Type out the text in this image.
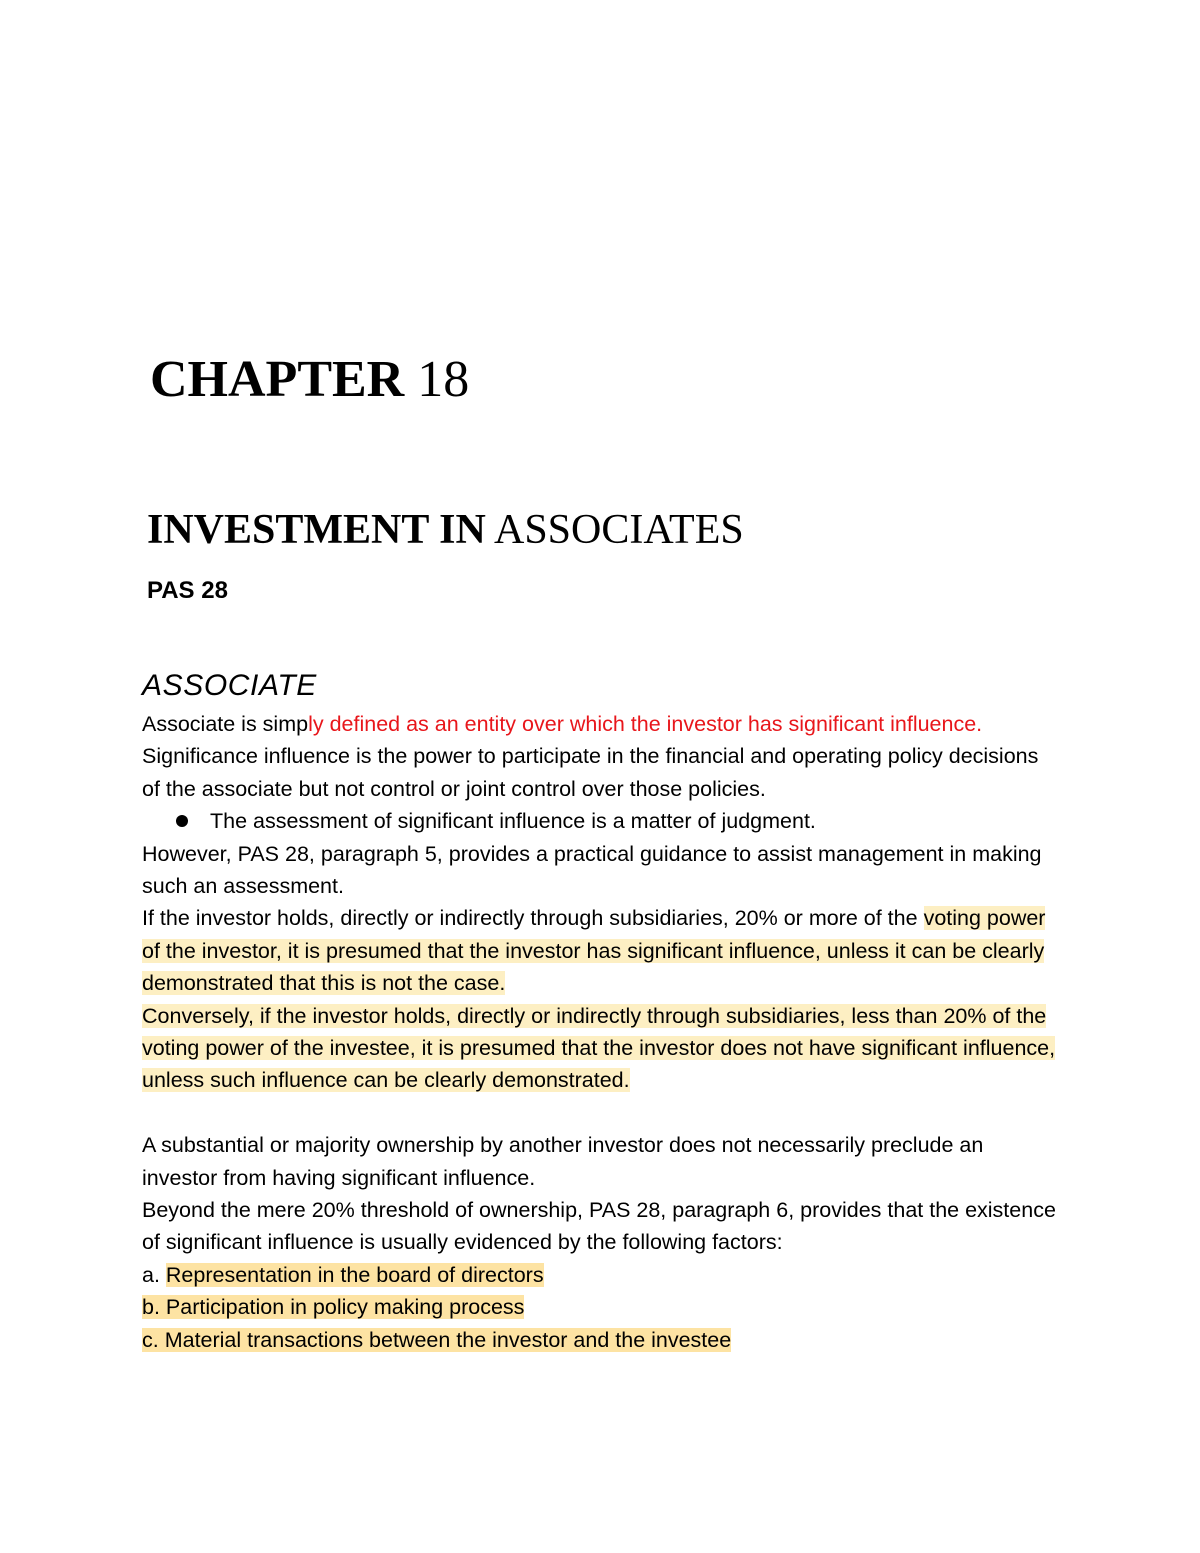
CHAPTER 18
INVESTMENT IN ASSOCIATES
PAS 28
ASSOCIATE

Associate is simply defined as an entity over which the investor has significant influence.

Significance influence is the power to participate in the financial and operating policy decisions of the associate but not control or joint control over those policies.

The assessment of significant influence is a matter of judgment.

However, PAS 28, paragraph 5, provides a practical guidance to assist management in making such an assessment.

If the investor holds, directly or indirectly through subsidiaries, 20% or more of the voting power of the investor, it is presumed that the investor has significant influence, unless it can be clearly demonstrated that this is not the case.

Conversely, if the investor holds, directly or indirectly through subsidiaries, less than 20% of the voting power of the investee, it is presumed that the investor does not have significant influence, unless such influence can be clearly demonstrated.

A substantial or majority ownership by another investor does not necessarily preclude an investor from having significant influence.

Beyond the mere 20% threshold of ownership, PAS 28, paragraph 6, provides that the existence of significant influence is usually evidenced by the following factors:

a. Representation in the board of directors

b. Participation in policy making process

c. Material transactions between the investor and the investee
